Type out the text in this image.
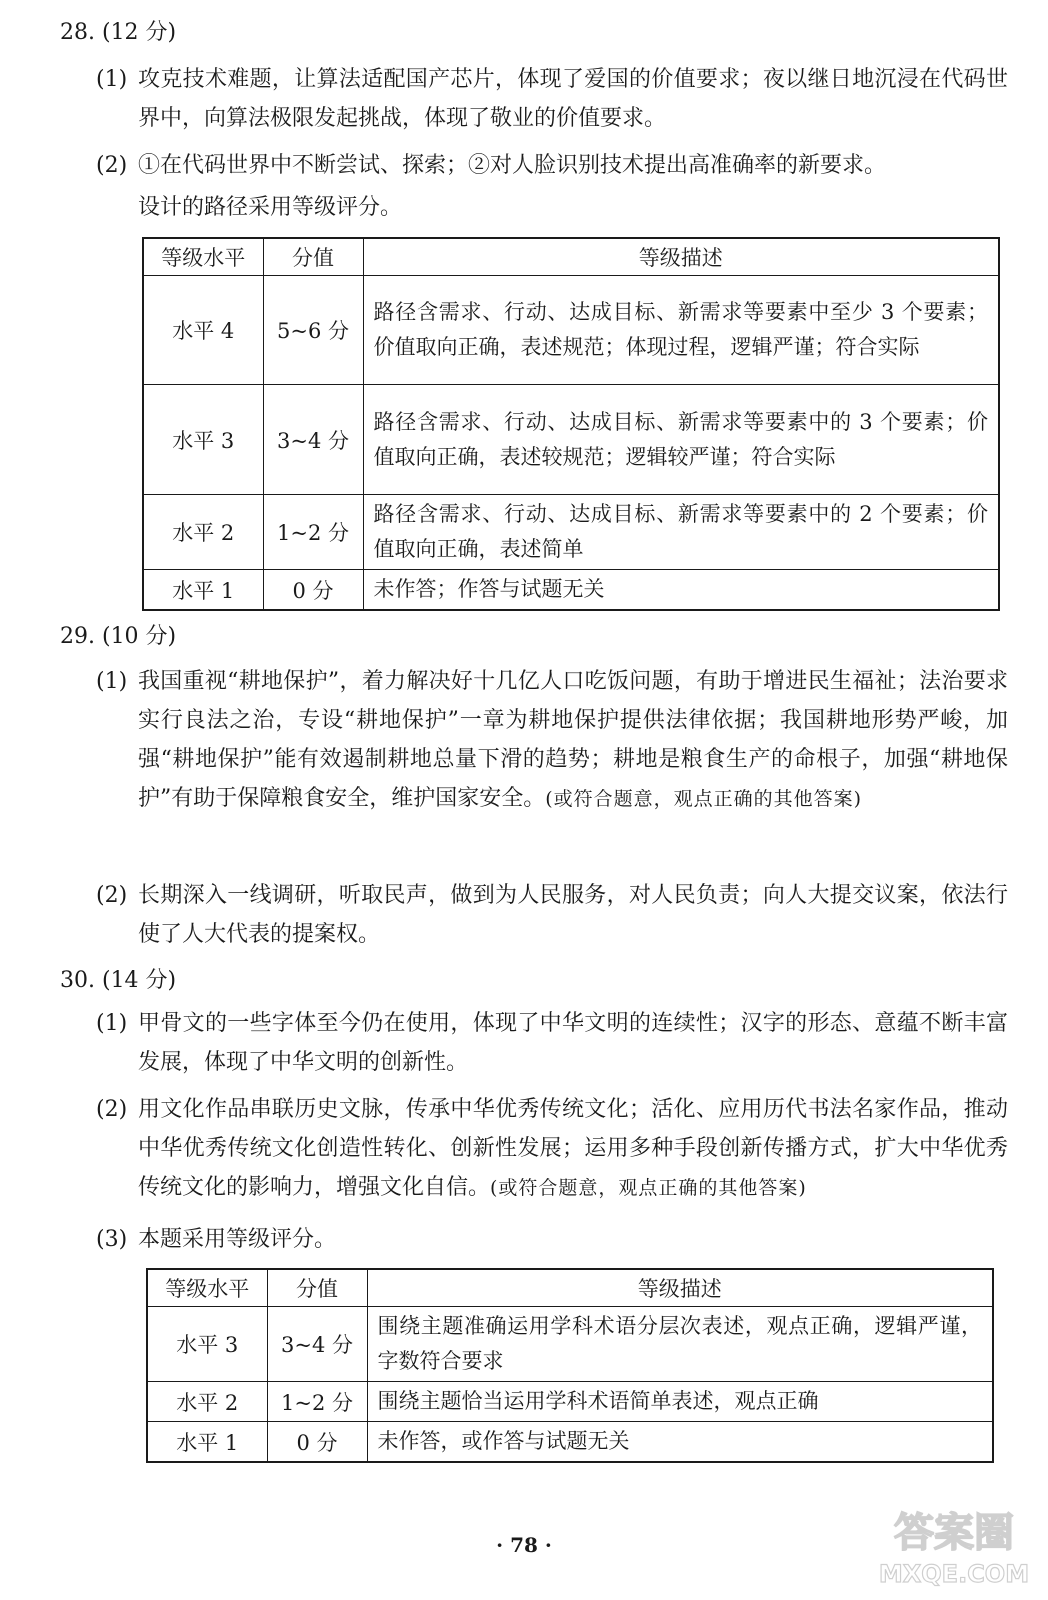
28. (12 分)
(1) 攻克技术难题，让算法适配国产芯片，体现了爱国的价值要求；夜以继日地沉浸在代码世界中，向算法极限发起挑战，体现了敬业的价值要求。
(2) ①在代码世界中不断尝试、探索；②对人脸识别技术提出高准确率的新要求。
设计的路径采用等级评分。
等级水平	分值	等级描述
水平 4	5~6 分	路径含需求、行动、达成目标、新需求等要素中至少 3 个要素；价值取向正确，表述规范；体现过程，逻辑严谨；符合实际
水平 3	3~4 分	路径含需求、行动、达成目标、新需求等要素中的 3 个要素；价值取向正确，表述较规范；逻辑较严谨；符合实际
水平 2	1~2 分	路径含需求、行动、达成目标、新需求等要素中的 2 个要素；价值取向正确，表述简单
水平 1	0 分	未作答；作答与试题无关
29. (10 分)
(1) 我国重视“耕地保护”，着力解决好十几亿人口吃饭问题，有助于增进民生福祉；法治要求实行良法之治，专设“耕地保护”一章为耕地保护提供法律依据；我国耕地形势严峻，加强“耕地保护”能有效遏制耕地总量下滑的趋势；耕地是粮食生产的命根子，加强“耕地保护”有助于保障粮食安全，维护国家安全。(或符合题意，观点正确的其他答案)
(2) 长期深入一线调研，听取民声，做到为人民服务，对人民负责；向人大提交议案，依法行使了人大代表的提案权。
30. (14 分)
(1) 甲骨文的一些字体至今仍在使用，体现了中华文明的连续性；汉字的形态、意蕴不断丰富发展，体现了中华文明的创新性。
(2) 用文化作品串联历史文脉，传承中华优秀传统文化；活化、应用历代书法名家作品，推动中华优秀传统文化创造性转化、创新性发展；运用多种手段创新传播方式，扩大中华优秀传统文化的影响力，增强文化自信。(或符合题意，观点正确的其他答案)
(3) 本题采用等级评分。
等级水平	分值	等级描述
水平 3	3~4 分	围绕主题准确运用学科术语分层次表述，观点正确，逻辑严谨，字数符合要求
水平 2	1~2 分	围绕主题恰当运用学科术语简单表述，观点正确
水平 1	0 分	未作答，或作答与试题无关
· 78 ·	答案圈
MXQE.COM
